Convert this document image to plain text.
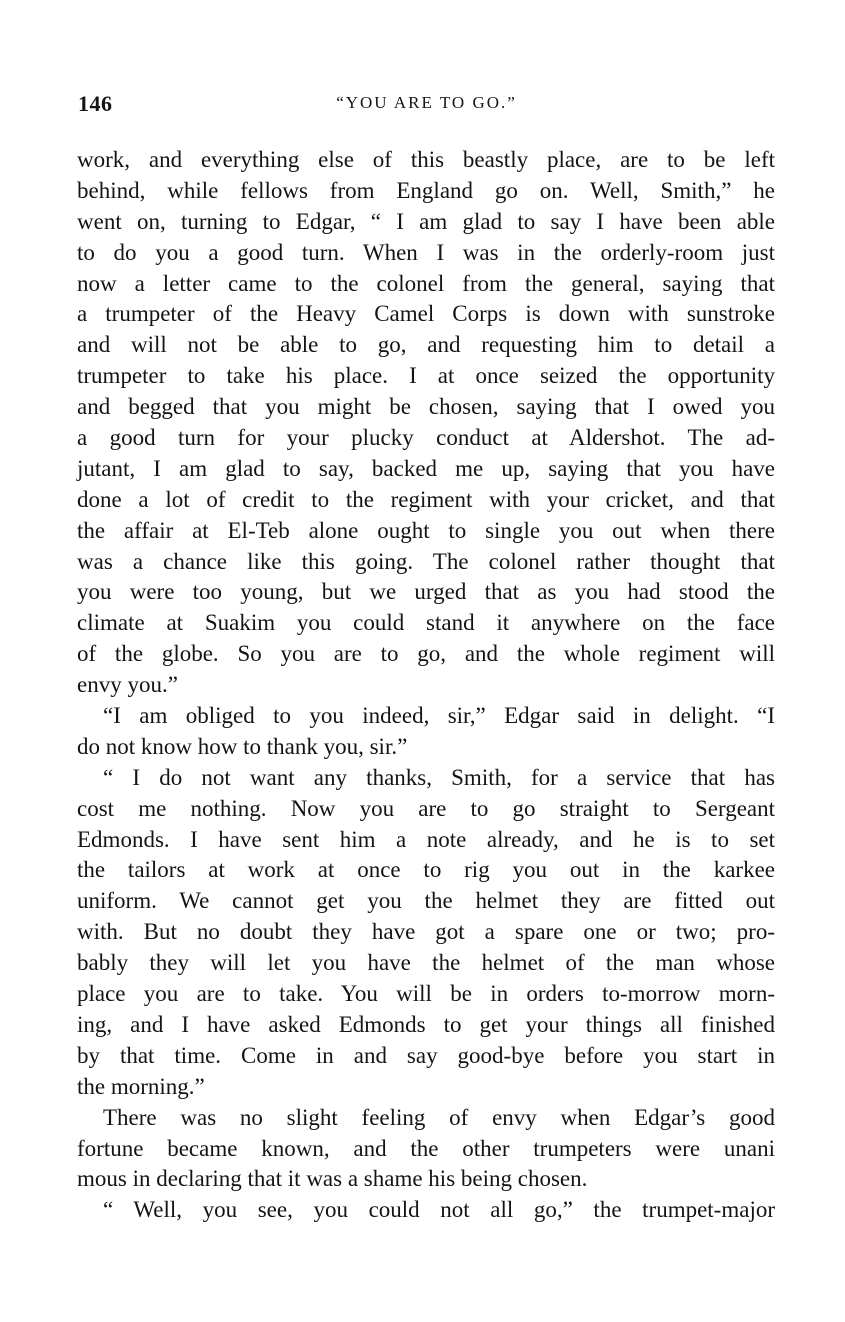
146	“YOU ARE TO GO.”
work, and everything else of this beastly place, are to be left
behind, while fellows from England go on. Well, Smith,” he
went on, turning to Edgar, “ I am glad to say I have been able
to do you a good turn. When I was in the orderly-room just
now a letter came to the colonel from the general, saying that
a trumpeter of the Heavy Camel Corps is down with sunstroke
and will not be able to go, and requesting him to detail a
trumpeter to take his place. I at once seized the opportunity
and begged that you might be chosen, saying that I owed you
a good turn for your plucky conduct at Aldershot. The ad-
jutant, I am glad to say, backed me up, saying that you have
done a lot of credit to the regiment with your cricket, and that
the affair at El-Teb alone ought to single you out when there
was a chance like this going. The colonel rather thought that
you were too young, but we urged that as you had stood the
climate at Suakim you could stand it anywhere on the face
of the globe. So you are to go, and the whole regiment will
envy you.”
“I am obliged to you indeed, sir,” Edgar said in delight. “I
do not know how to thank you, sir.”
“ I do not want any thanks, Smith, for a service that has
cost me nothing. Now you are to go straight to Sergeant
Edmonds. I have sent him a note already, and he is to set
the tailors at work at once to rig you out in the karkee
uniform. We cannot get you the helmet they are fitted out
with. But no doubt they have got a spare one or two; pro-
bably they will let you have the helmet of the man whose
place you are to take. You will be in orders to-morrow morn-
ing, and I have asked Edmonds to get your things all finished
by that time. Come in and say good-bye before you start in
the morning.”
There was no slight feeling of envy when Edgar’s good
fortune became known, and the other trumpeters were unani
mous in declaring that it was a shame his being chosen.
“ Well, you see, you could not all go,” the trumpet-major
